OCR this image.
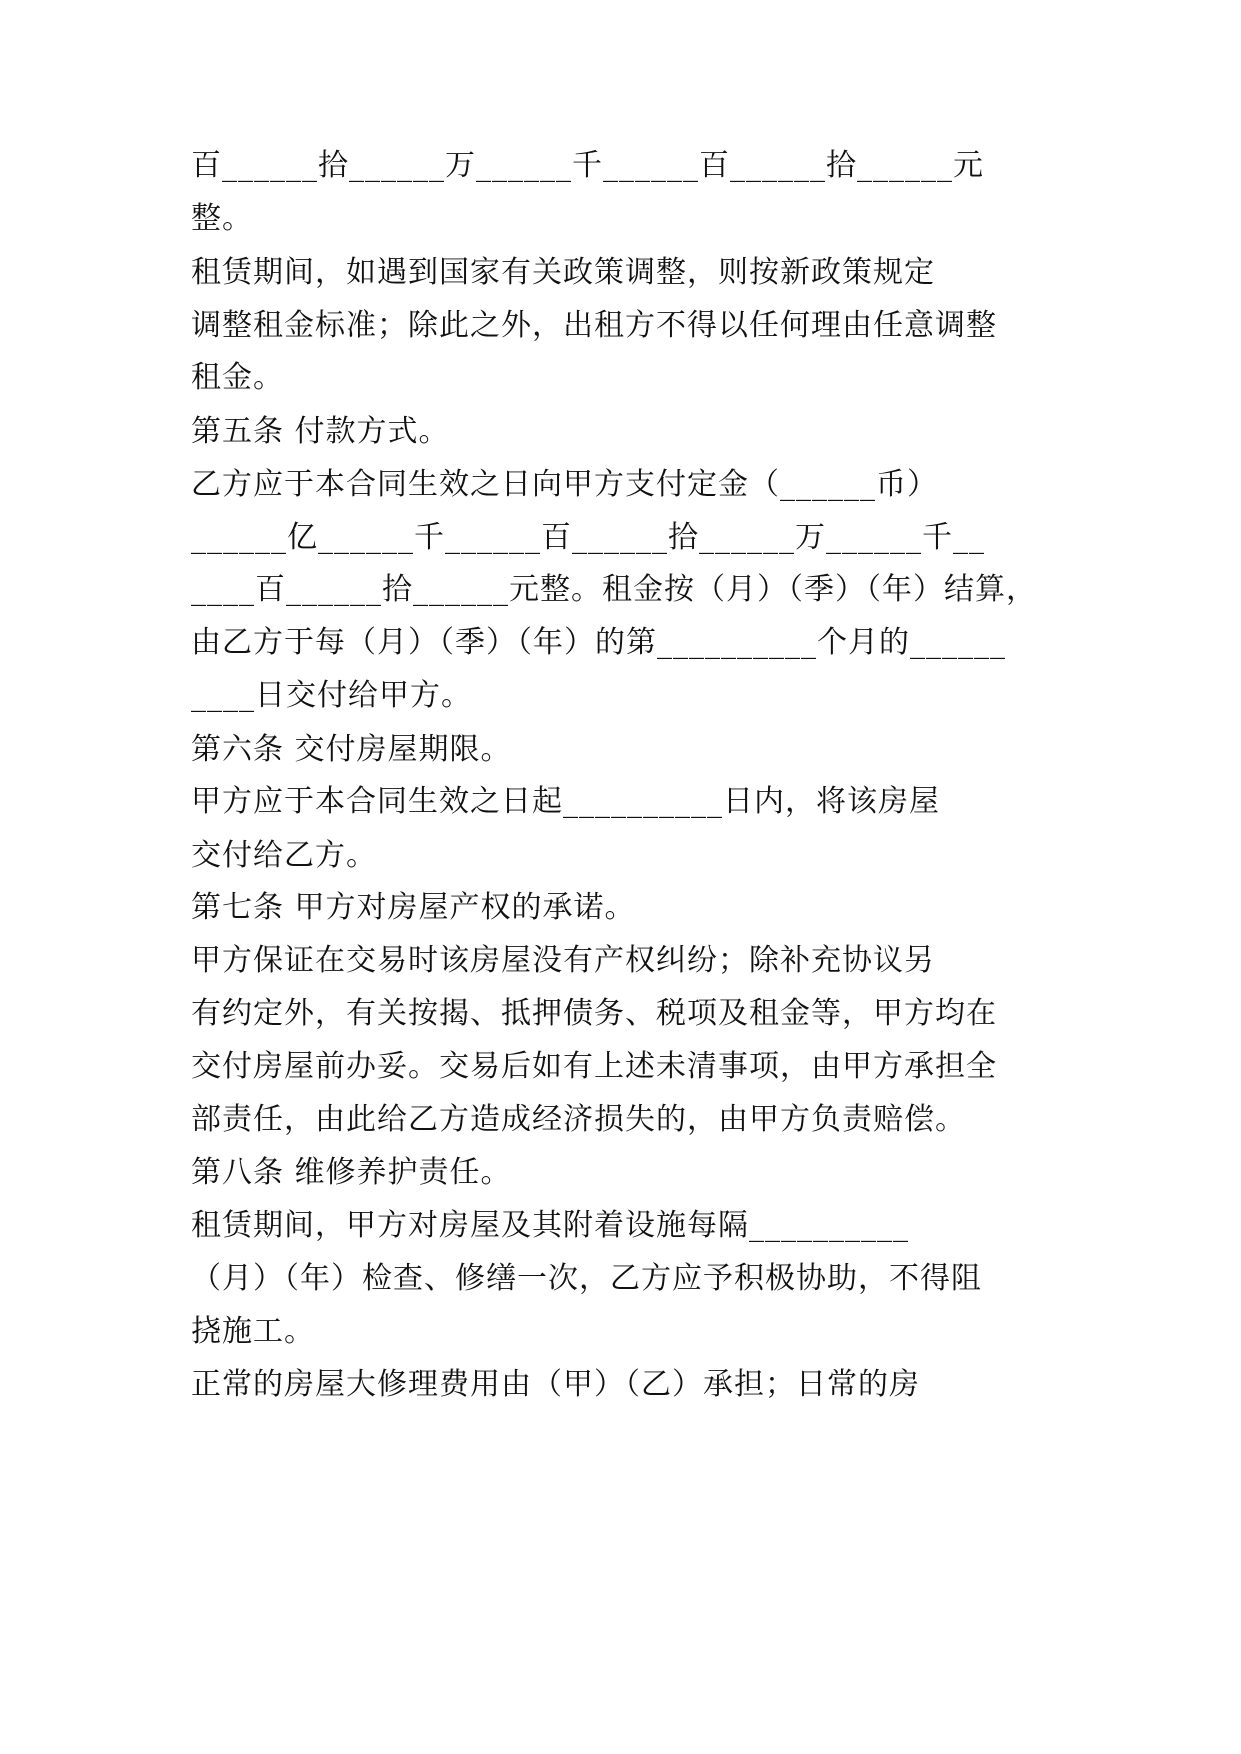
百______拾______万______千______百______拾______元
整。
租赁期间，如遇到国家有关政策调整，则按新政策规定
调整租金标准；除此之外，出租方不得以任何理由任意调整
租金。
第五条 付款方式。
乙方应于本合同生效之日向甲方支付定金（______币）
______亿______千______百______拾______万______千__
____百______拾______元整。租金按（月）（季）（年）结算，
由乙方于每（月）（季）（年）的第__________个月的______
____日交付给甲方。
第六条 交付房屋期限。
甲方应于本合同生效之日起__________日内，将该房屋
交付给乙方。
第七条 甲方对房屋产权的承诺。
甲方保证在交易时该房屋没有产权纠纷；除补充协议另
有约定外，有关按揭、抵押债务、税项及租金等，甲方均在
交付房屋前办妥。交易后如有上述未清事项，由甲方承担全
部责任，由此给乙方造成经济损失的，由甲方负责赔偿。
第八条 维修养护责任。
租赁期间，甲方对房屋及其附着设施每隔__________
（月）（年）检查、修缮一次，乙方应予积极协助，不得阻
挠施工。
正常的房屋大修理费用由（甲）（乙）承担；日常的房
